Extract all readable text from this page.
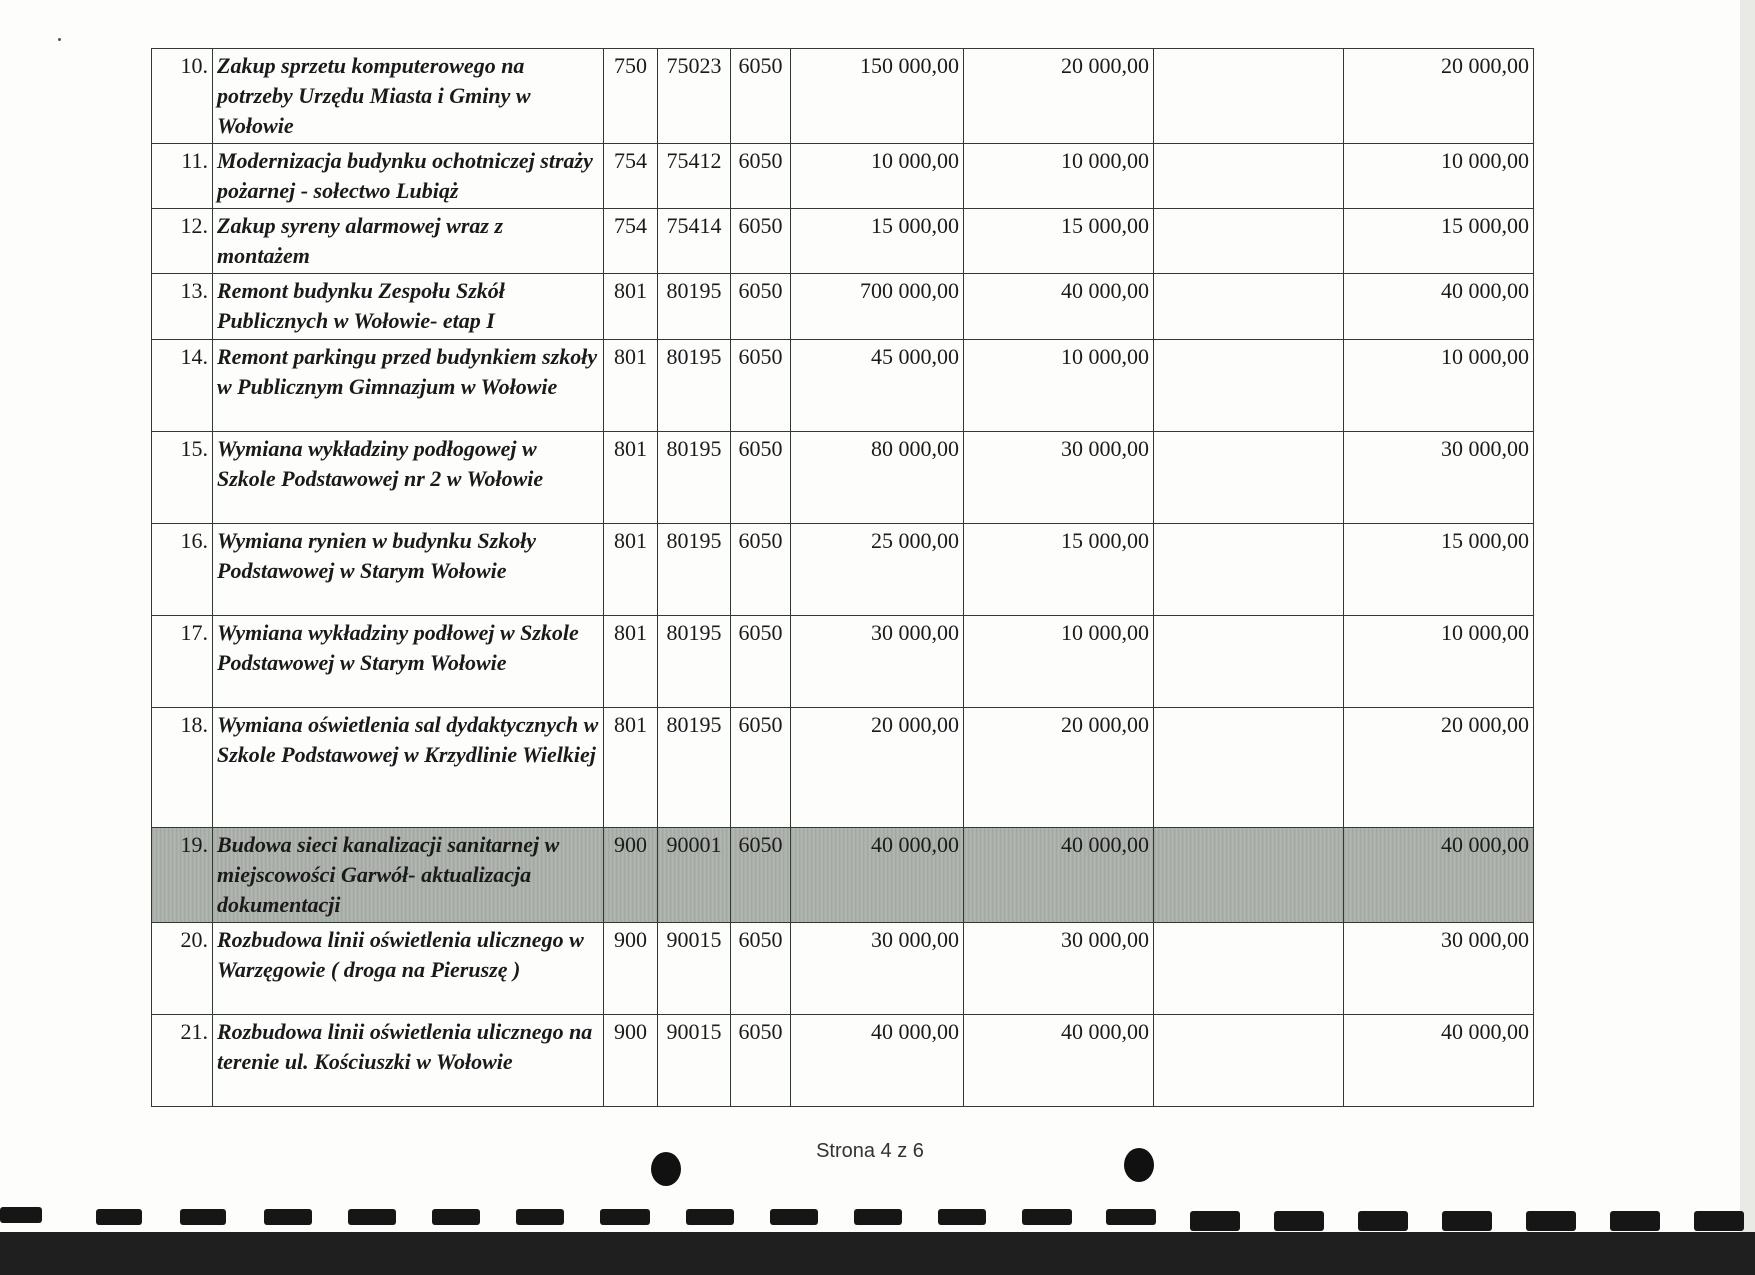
10.	Zakup sprzetu komputerowego na potrzeby Urzędu Miasta i Gminy w Wołowie	750	75023	6050	150 000,00	20 000,00		20 000,00
11.	Modernizacja budynku ochotniczej straży pożarnej - sołectwo Lubiąż	754	75412	6050	10 000,00	10 000,00		10 000,00
12.	Zakup syreny alarmowej wraz z montażem	754	75414	6050	15 000,00	15 000,00		15 000,00
13.	Remont budynku Zespołu Szkół Publicznych w Wołowie- etap I	801	80195	6050	700 000,00	40 000,00		40 000,00
14.	Remont parkingu przed budynkiem szkoły w Publicznym Gimnazjum w Wołowie	801	80195	6050	45 000,00	10 000,00		10 000,00
15.	Wymiana wykładziny podłogowej w Szkole Podstawowej nr 2 w Wołowie	801	80195	6050	80 000,00	30 000,00		30 000,00
16.	Wymiana rynien w budynku Szkoły Podstawowej w Starym Wołowie	801	80195	6050	25 000,00	15 000,00		15 000,00
17.	Wymiana wykładziny podłowej w Szkole Podstawowej w Starym Wołowie	801	80195	6050	30 000,00	10 000,00		10 000,00
18.	Wymiana oświetlenia sal dydaktycznych w Szkole Podstawowej w Krzydlinie Wielkiej	801	80195	6050	20 000,00	20 000,00		20 000,00
19.	Budowa sieci kanalizacji sanitarnej w miejscowości Garwół- aktualizacja dokumentacji	900	90001	6050	40 000,00	40 000,00		40 000,00
20.	Rozbudowa linii oświetlenia ulicznego w Warzęgowie ( droga na Pieruszę )	900	90015	6050	30 000,00	30 000,00		30 000,00
21.	Rozbudowa linii oświetlenia ulicznego na terenie ul. Kościuszki w Wołowie	900	90015	6050	40 000,00	40 000,00		40 000,00
Strona 4 z 6
